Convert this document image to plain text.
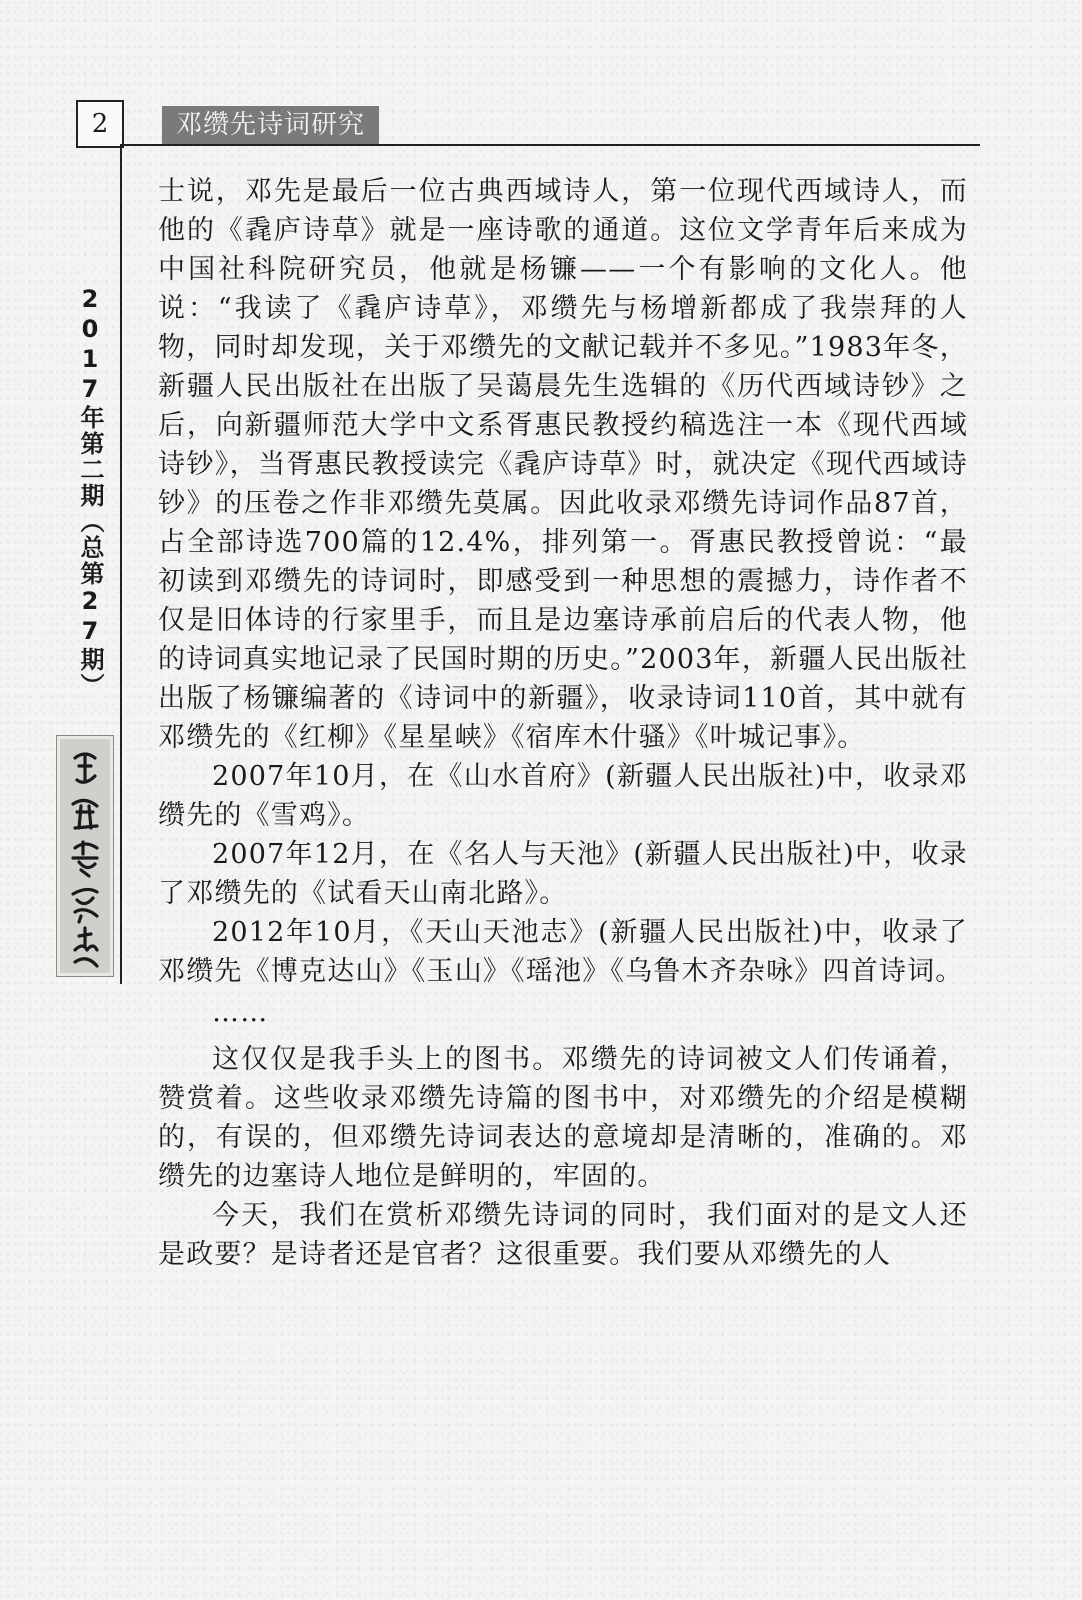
2	邓缵先诗词研究
2017年第二期（总第27期）

士说，邓先是最后一位古典西域诗人，第一位现代西域诗人，而他的《毳庐诗草》就是一座诗歌的通道。这位文学青年后来成为中国社科院研究员，他就是杨镰——一个有影响的文化人。他说：“我读了《毳庐诗草》，邓缵先与杨增新都成了我崇拜的人物，同时却发现，关于邓缵先的文献记载并不多见。”1983年冬，新疆人民出版社在出版了吴蔼晨先生选辑的《历代西域诗钞》之后，向新疆师范大学中文系胥惠民教授约稿选注一本《现代西域诗钞》，当胥惠民教授读完《毳庐诗草》时，就决定《现代西域诗钞》的压卷之作非邓缵先莫属。因此收录邓缵先诗词作品87首，占全部诗选700篇的12.4%，排列第一。胥惠民教授曾说：“最初读到邓缵先的诗词时，即感受到一种思想的震撼力，诗作者不仅是旧体诗的行家里手，而且是边塞诗承前启后的代表人物，他的诗词真实地记录了民国时期的历史。”2003年，新疆人民出版社出版了杨镰编著的《诗词中的新疆》，收录诗词110首，其中就有邓缵先的《红柳》《星星峡》《宿库木什骚》《叶城记事》。

2007年10月，在《山水首府》(新疆人民出版社)中，收录邓缵先的《雪鸡》。

2007年12月，在《名人与天池》(新疆人民出版社)中，收录了邓缵先的《试看天山南北路》。

2012年10月，《天山天池志》(新疆人民出版社)中，收录了邓缵先《博克达山》《玉山》《瑶池》《乌鲁木齐杂咏》四首诗词。

……

这仅仅是我手头上的图书。邓缵先的诗词被文人们传诵着，赞赏着。这些收录邓缵先诗篇的图书中，对邓缵先的介绍是模糊的，有误的，但邓缵先诗词表达的意境却是清晰的，准确的。邓缵先的边塞诗人地位是鲜明的，牢固的。

今天，我们在赏析邓缵先诗词的同时，我们面对的是文人还是政要？是诗者还是官者？这很重要。我们要从邓缵先的人
